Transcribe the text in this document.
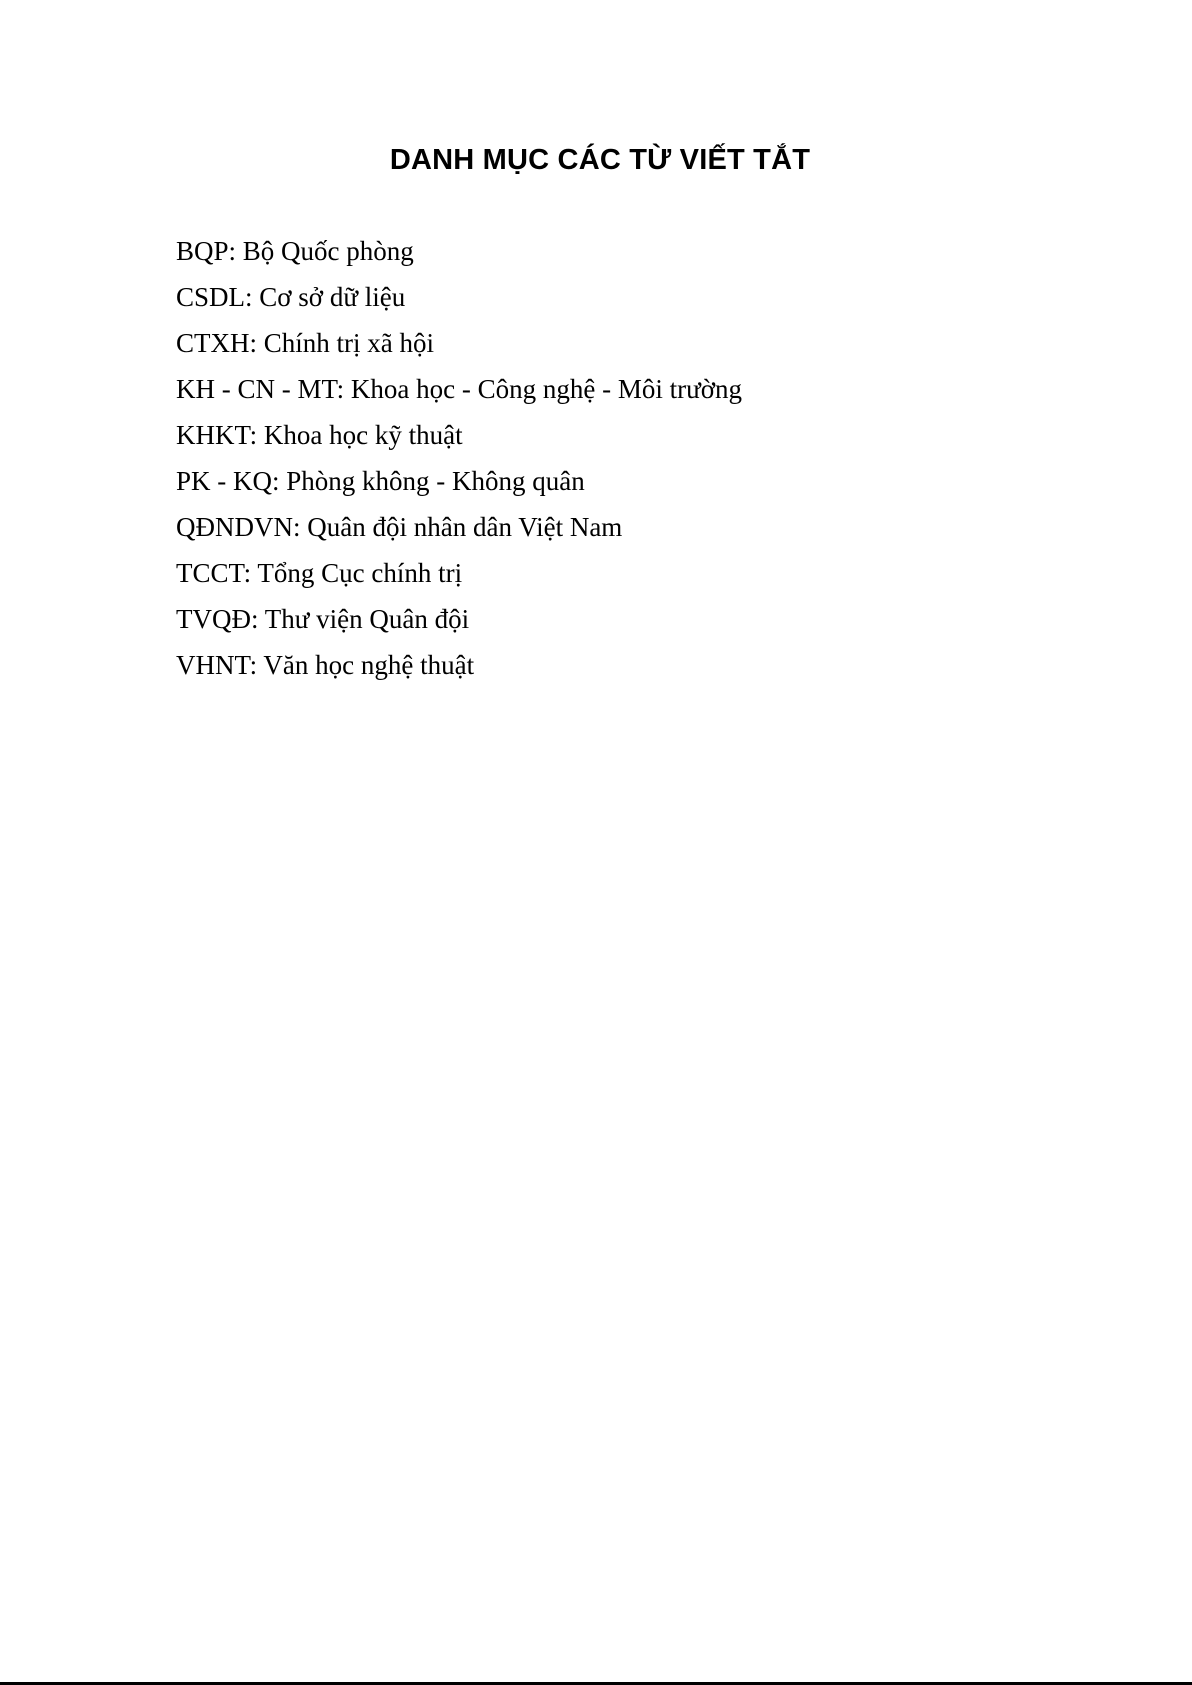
DANH MỤC CÁC TỪ VIẾT TẮT
BQP: Bộ Quốc phòng
CSDL: Cơ sở dữ liệu
CTXH: Chính trị xã hội
KH - CN - MT: Khoa học - Công nghệ - Môi trường
KHKT: Khoa học kỹ thuật
PK - KQ: Phòng không - Không quân
QĐNDVN: Quân đội nhân dân Việt Nam
TCCT: Tổng Cục chính trị
TVQĐ: Thư viện Quân đội
VHNT: Văn học nghệ thuật
